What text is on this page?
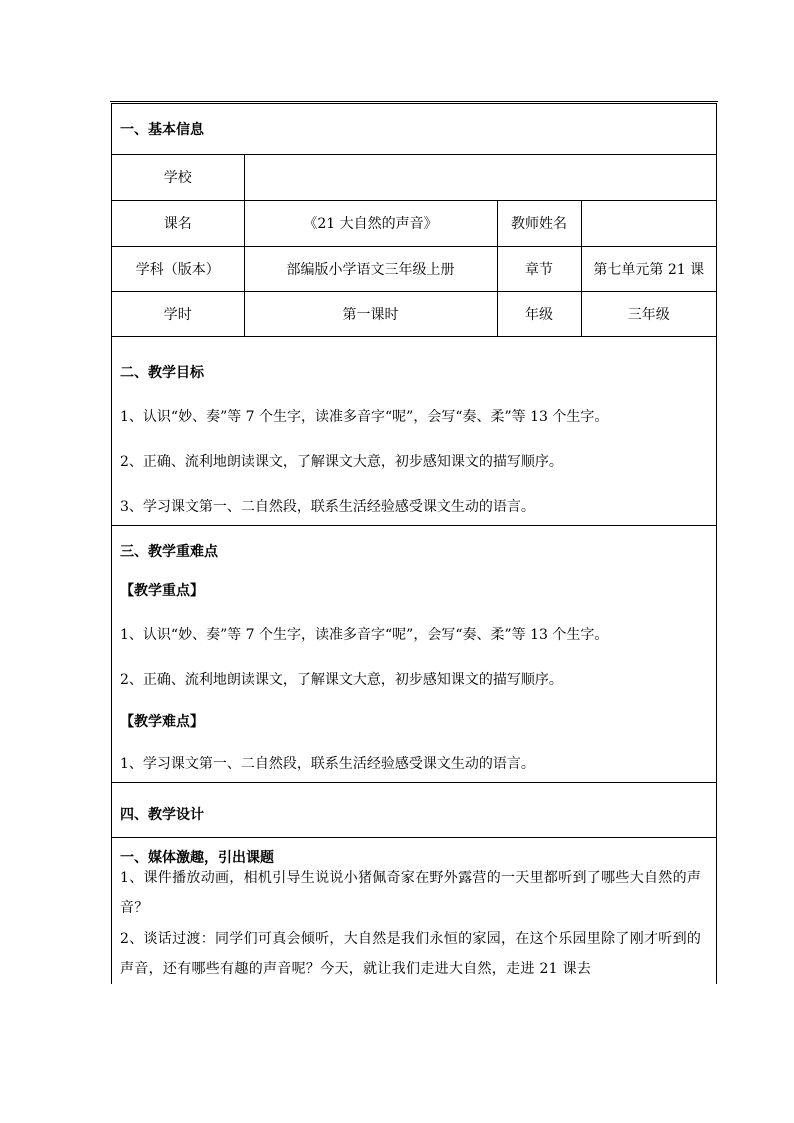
一、基本信息			
学校			
课名	《21 大自然的声音》	教师姓名	
学科（版本）	部编版小学语文三年级上册	章节	第七单元第 21 课
学时	第一课时	年级	三年级
二、教学目标
1、认识“妙、奏”等 7 个生字，读准多音字“呢”，会写“奏、柔”等 13 个生字。
2、正确、流利地朗读课文，了解课文大意，初步感知课文的描写顺序。
3、学习课文第一、二自然段，联系生活经验感受课文生动的语言。
三、教学重难点
【教学重点】
1、认识“妙、奏”等 7 个生字，读准多音字“呢”，会写“奏、柔”等 13 个生字。
2、正确、流利地朗读课文，了解课文大意，初步感知课文的描写顺序。
【教学难点】
1、学习课文第一、二自然段，联系生活经验感受课文生动的语言。
四、教学设计
一、媒体激趣，引出课题
1、课件播放动画，相机引导生说说小猪佩奇家在野外露营的一天里都听到了哪些大自然的声音？
2、谈话过渡：同学们可真会倾听，大自然是我们永恒的家园，在这个乐园里除了刚才听到的声音，还有哪些有趣的声音呢？今天，就让我们走进大自然，走进 21 课去
